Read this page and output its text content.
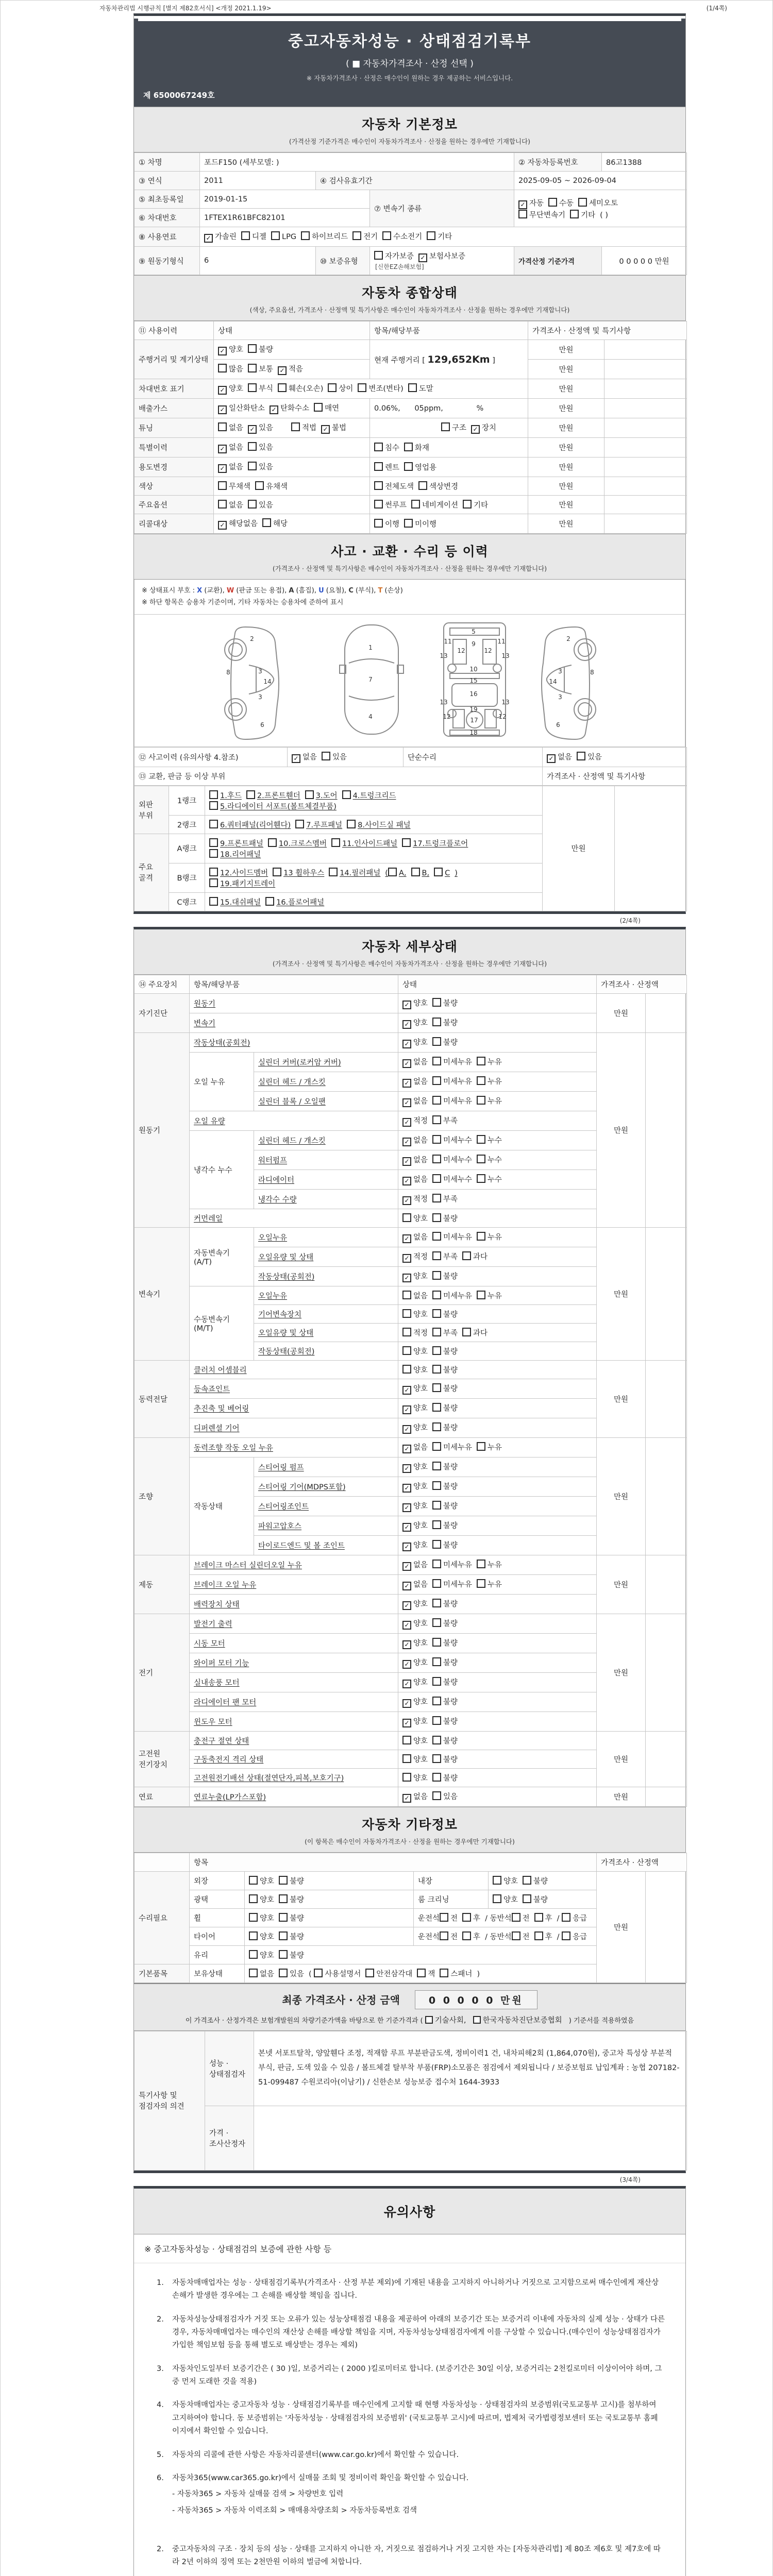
자동차관리법 시행규칙 [별지 제82호서식] <개정 2021.1.19>	(1/4쪽)
중고자동차성능 · 상태점검기록부
( ■ 자동차가격조사 · 산정 선택 )
※ 자동차가격조사 · 산정은 매수인이 원하는 경우 제공하는 서비스입니다.
제 6500067249호
자동차 기본정보
(가격산정 기준가격은 매수인이 자동차가격조사 · 산정을 원하는 경우에만 기재합니다)
① 차명	포드F150 (세부모델: )			② 자동차등록번호	86고1388
③ 연식	2011	④ 검사유효기간		2025-09-05 ~ 2026-09-04	
⑤ 최초등록일	2019-01-15		⑦ 변속기 종류	✓ 자동 수동 세미오토
무단변속기 기타 ( )	
⑥ 차대번호	1FTEX1R61BFC82101				
⑧ 사용연료	✓ 가솔린 디젤 LPG 하이브리드 전기 수소전기 기타				
⑨ 원동기형식	6	⑩ 보증유형	자가보증 ✓ 보험사보증[신한EZ손해보험]	가격산정 기준가격	0 0 0 0 0 만원
자동차 종합상태
(색상, 주요옵션, 가격조사 · 산정액 및 특기사항은 매수인이 자동차가격조사 · 산정을 원하는 경우에만 기재합니다)
⑪ 사용이력	상태	항목/해당부품	가격조사 · 산정액 및 특기사항	
주행거리 및 계기상태	✓ 양호 불량	현재 주행거리 [ 129,652Km ]	만원	
	많음 보통 ✓ 적음		만원	
차대번호 표기	✓ 양호 부식 훼손(오손) 상이 변조(변타) 도말		만원	
배출가스	✓ 일산화탄소 ✓ 탄화수소 매연	0.06%,      05ppm,              %	만원	
튜닝	없음 ✓ 있음 적법 ✓ 불법	구조 ✓ 장치	만원	
특별이력	✓ 없음 있음	침수 화재	만원	
용도변경	✓ 없음 있음	렌트 영업용	만원	
색상	무채색 유채색	전체도색 색상변경	만원	
주요옵션	없음 있음	썬루프 네비게이션 기타	만원	
리콜대상	✓ 해당없음 해당	이행 미이행	만원	
사고 · 교환 · 수리 등 이력
(가격조사 · 산정액 및 특기사항은 매수인이 자동차가격조사 · 산정을 원하는 경우에만 기재합니다)
※ 상태표시 부호 : X (교환), W (판금 또는 용접), A (흠집), U (요철), C (부식), T (손상)
※ 하단 항목은 승용차 기준이며, 기타 자동차는 승용차에 준하여 표시
2
8	3
14
3
6
1
7
4
5
9
11	11
13	13
12	12
10
15
16
19
13	13
12	12
17
18
2
8
3
14
3
6
⑫ 사고이력 (유의사항 4.참조)	✓ 없음 있음	단순수리	✓ 없음 있음
⑬ 교환, 판금 등 이상 부위			가격조사 · 산정액 및 특기사항
외판 부위	1랭크	1.후드 2.프론트휀더 3.도어 4.트렁크리드
5.라디에이터 서포트(볼트체결부품)	만원	
	2랭크	6.쿼터패널(리어휀다) 7.루프패널 8.사이드실 패널		
주요 골격	A랭크	9.프론트패널 10.크로스멤버 11.인사이드패널 17.트렁크플로어
18.리어패널		
	B랭크	12.사이드멤버 13 휠하우스 14.필러패널 ( A, B, C )
19.패키지트레이		
	C랭크	15.대쉬패널 16.플로어패널		
(2/4쪽)
자동차 세부상태
(가격조사 · 산정액 및 특기사항은 매수인이 자동차가격조사 · 산정을 원하는 경우에만 기재합니다)
⑭ 주요장치	항목/해당부품		상태	가격조사 · 산정액	
자기진단	원동기		✓ 양호 불량	만원	
	변속기		✓ 양호 불량		
원동기	작동상태(공회전)		✓ 양호 불량	만원	
	오일 누유	실린더 커버(로커암 커버)	✓ 없음 미세누유 누유		
		실린더 헤드 / 개스킷	✓ 없음 미세누유 누유		
		실린더 블록 / 오일팬	✓ 없음 미세누유 누유		
	오일 유량		✓ 적정 부족		
	냉각수 누수	실린더 헤드 / 개스킷	✓ 없음 미세누수 누수		
		워터펌프	✓ 없음 미세누수 누수		
		라디에이터	✓ 없음 미세누수 누수		
		냉각수 수량	✓ 적정 부족		
	커먼레일		양호 불량		
변속기	자동변속기 (A/T)	오일누유	✓ 없음 미세누유 누유	만원	
		오일유량 및 상태	✓ 적정 부족 과다		
		작동상태(공회전)	✓ 양호 불량		
	수동변속기 (M/T)	오일누유	없음 미세누유 누유		
		기어변속장치	양호 불량		
		오일유량 및 상태	적정 부족 과다		
		작동상태(공회전)	양호 불량		
동력전달	클러치 어셈블리		양호 불량	만원	
	등속죠인트		✓ 양호 불량		
	추진축 및 베어링		✓ 양호 불량		
	디퍼렌셜 기어		✓ 양호 불량		
조향	동력조향 작동 오일 누유		✓ 없음 미세누유 누유	만원	
	작동상태	스티어링 펌프	✓ 양호 불량		
		스티어링 기어(MDPS포함)	✓ 양호 불량		
		스티어링조인트	✓ 양호 불량		
		파워고압호스	✓ 양호 불량		
		타이로드엔드 및 볼 조인트	✓ 양호 불량		
제동	브레이크 마스터 실린더오일 누유		✓ 없음 미세누유 누유	만원	
	브레이크 오일 누유		✓ 없음 미세누유 누유		
	배력장치 상태		✓ 양호 불량		
전기	발전기 출력		✓ 양호 불량	만원	
	시동 모터		✓ 양호 불량		
	와이퍼 모터 기능		✓ 양호 불량		
	실내송풍 모터		✓ 양호 불량		
	라디에이터 팬 모터		✓ 양호 불량		
	윈도우 모터		✓ 양호 불량		
고전원 전기장치	충전구 절연 상태		양호 불량	만원	
	구동축전지 격리 상태		양호 불량		
	고전원전기배선 상태(절연단자,피복,보호기구)		양호 불량		
연료	연료누출(LP가스포함)		✓ 없음 있음	만원	
자동차 기타정보
(이 항목은 매수인이 자동차가격조사 · 산정을 원하는 경우에만 기재합니다)
	항목				가격조사 · 산정액	
수리필요	외장	양호 불량	내장	양호 불량	만원	
	광택	양호 불량	룸 크리닝	양호 불량		
	휠	양호 불량	운전석 전 후 / 동반석 전 후 / 응급			
	타이어	양호 불량	운전석 전 후 / 동반석 전 후 / 응급			
	유리	양호 불량				
기본품목	보유상태	없음 있음 ( 사용설명서 안전삼각대 잭 스패너 )				
최종 가격조사 · 산정 금액	0 0 0 0 0 만원
이 가격조사 · 산정가격은 보험개발원의 차량기준가액을 바탕으로 한 기준가격과 ( 기술사회, 한국자동차진단보증협회 ) 기준서를 적용하였음
특기사항 및 점검자의 의견	성능 · 상태점검자	본넷 서포트탈착, 양앞휀다 조정, 적재함 루프 부분판금도색, 정비이력1 건, 내차피해2회 (1,864,070원), 중고차 특성상 부분적 부식, 판금, 도색 있을 수 있음 / 볼트체결 탈부착 부품(FRP)소모품은 점검에서 제외됩니다 / 보증보험료 납입계좌 : 농협 207182-51-099487 수원코리아(이남기) / 신한손보 성능보증 접수처 1644-3933
	가격 · 조사산정자	
(3/4쪽)
유의사항
※ 중고자동차성능 · 상태점검의 보증에 관한 사항 등
1.	자동차매매업자는 성능 · 상태점검기록부(가격조사 · 산정 부분 제외)에 기재된 내용을 고지하지 아니하거나 거짓으로 고지함으로써 매수인에게 재산상 손해가 발생한 경우에는 그 손해를 배상할 책임을 집니다.
2.	자동차성능상태점검자가 거짓 또는 오류가 있는 성능상태점검 내용을 제공하여 아래의 보증기간 또는 보증거리 이내에 자동차의 실제 성능 · 상태가 다른 경우, 자동차매매업자는 매수인의 재산상 손해를 배상할 책임을 지며, 자동차성능상태점검자에게 이를 구상할 수 있습니다.(매수인이 성능상태점검자가 가입한 책임보험 등을 통해 별도로 배상받는 경우는 제외)
3.	자동차인도일부터 보증기간은 ( 30 )일, 보증거리는 ( 2000 )킬로미터로 합니다. (보증기간은 30일 이상, 보증거리는 2천킬로미터 이상이어야 하며, 그 중 먼저 도래한 것을 적용)
4.	자동차매매업자는 중고자동차 성능 · 상태점검기록부를 매수인에게 고지할 때 현행 자동차성능 · 상태점검자의 보증범위(국토교통부 고시)를 첨부하여 고지하여야 합니다. 동 보증범위는 '자동차성능 · 상태점검자의 보증범위' (국토교통부 고시)에 따르며, 법제처 국가법령정보센터 또는 국토교통부 홈페이지에서 확인할 수 있습니다.
5.	자동차의 리콜에 관한 사항은 자동차리콜센터(www.car.go.kr)에서 확인할 수 있습니다.
6.	자동차365(www.car365.go.kr)에서 실매물 조회 및 정비이력 확인을 확인할 수 있습니다.
- 자동차365 > 자동차 실매물 검색 > 차량번호 입력
- 자동차365 > 자동차 이력조회 > 매매용차량조회 > 자동차등록번호 검색
2.	중고자동차의 구조 · 장치 등의 성능 · 상태를 고지하지 아니한 자, 거짓으로 점검하거나 거짓 고지한 자는 [자동차관리법] 제 80조 제6호 및 제7호에 따라 2년 이하의 징역 또는 2천만원 이하의 벌금에 처합니다.
